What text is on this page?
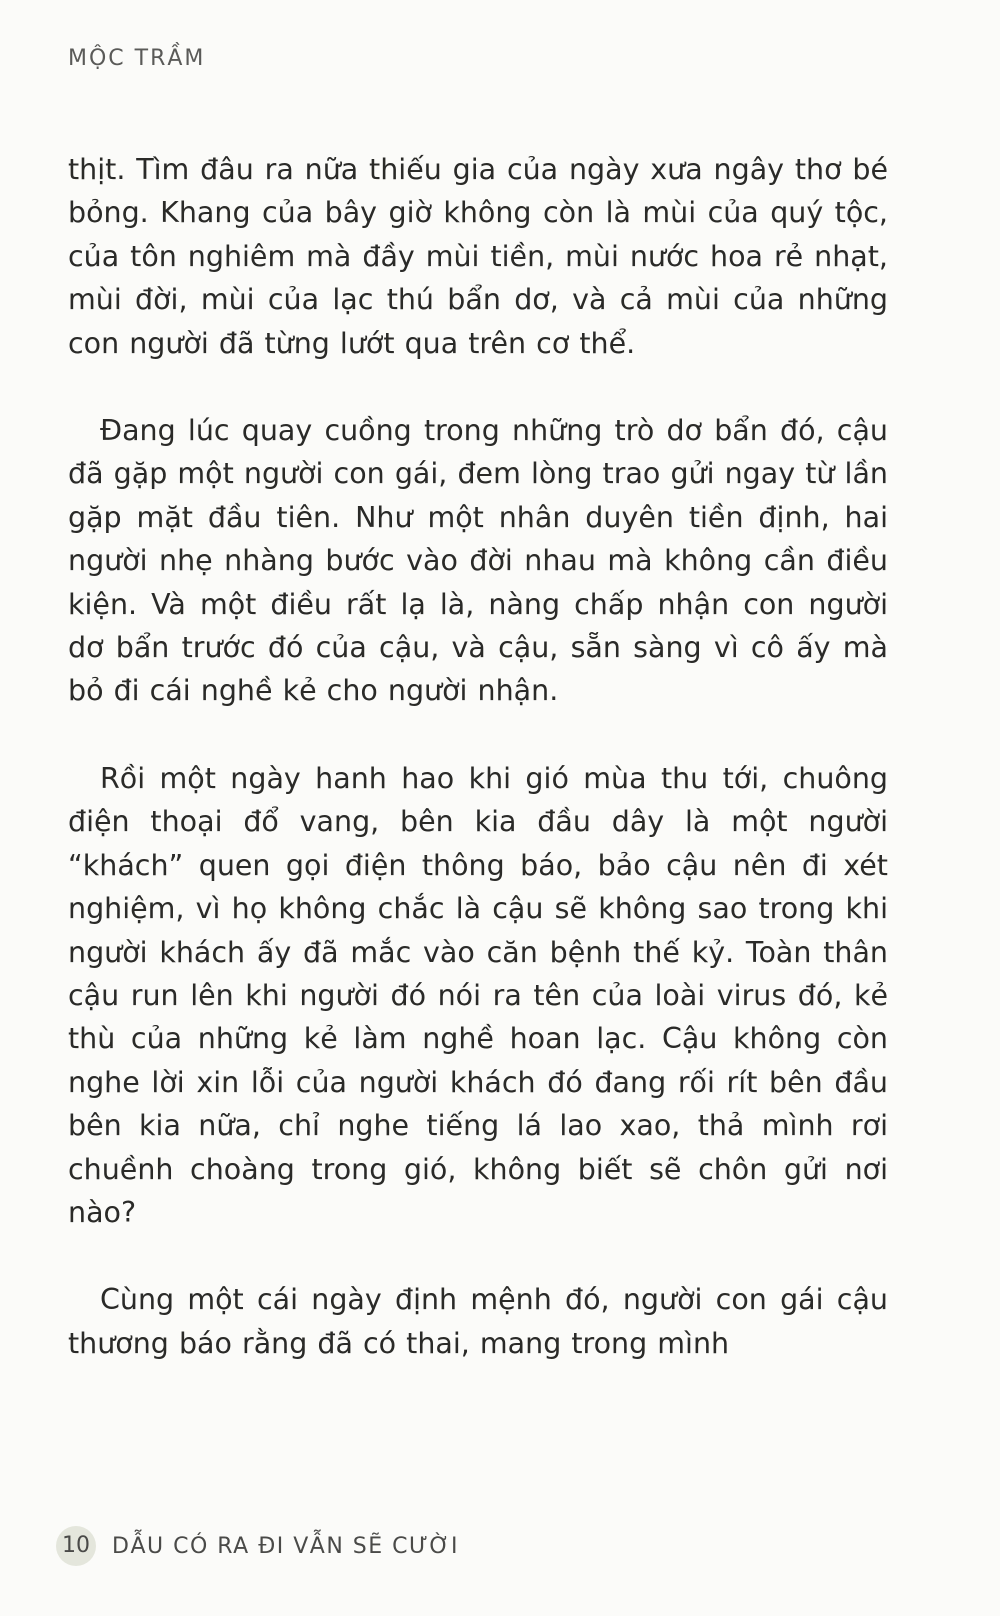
MỘC TRẦM

thịt. Tìm đâu ra nữa thiếu gia của ngày xưa ngây thơ bé bỏng. Khang của bây giờ không còn là mùi của quý tộc, của tôn nghiêm mà đầy mùi tiền, mùi nước hoa rẻ nhạt, mùi đời, mùi của lạc thú bẩn dơ, và cả mùi của những con người đã từng lướt qua trên cơ thể.

Đang lúc quay cuồng trong những trò dơ bẩn đó, cậu đã gặp một người con gái, đem lòng trao gửi ngay từ lần gặp mặt đầu tiên. Như một nhân duyên tiền định, hai người nhẹ nhàng bước vào đời nhau mà không cần điều kiện. Và một điều rất lạ là, nàng chấp nhận con người dơ bẩn trước đó của cậu, và cậu, sẵn sàng vì cô ấy mà bỏ đi cái nghề kẻ cho người nhận.

Rồi một ngày hanh hao khi gió mùa thu tới, chuông điện thoại đổ vang, bên kia đầu dây là một người “khách” quen gọi điện thông báo, bảo cậu nên đi xét nghiệm, vì họ không chắc là cậu sẽ không sao trong khi người khách ấy đã mắc vào căn bệnh thế kỷ. Toàn thân cậu run lên khi người đó nói ra tên của loài virus đó, kẻ thù của những kẻ làm nghề hoan lạc. Cậu không còn nghe lời xin lỗi của người khách đó đang rối rít bên đầu bên kia nữa, chỉ nghe tiếng lá lao xao, thả mình rơi chuềnh choàng trong gió, không biết sẽ chôn gửi nơi nào?

Cùng một cái ngày định mệnh đó, người con gái cậu thương báo rằng đã có thai, mang trong mình

10 DẪU CÓ RA ĐI VẪN SẼ CƯỜI
